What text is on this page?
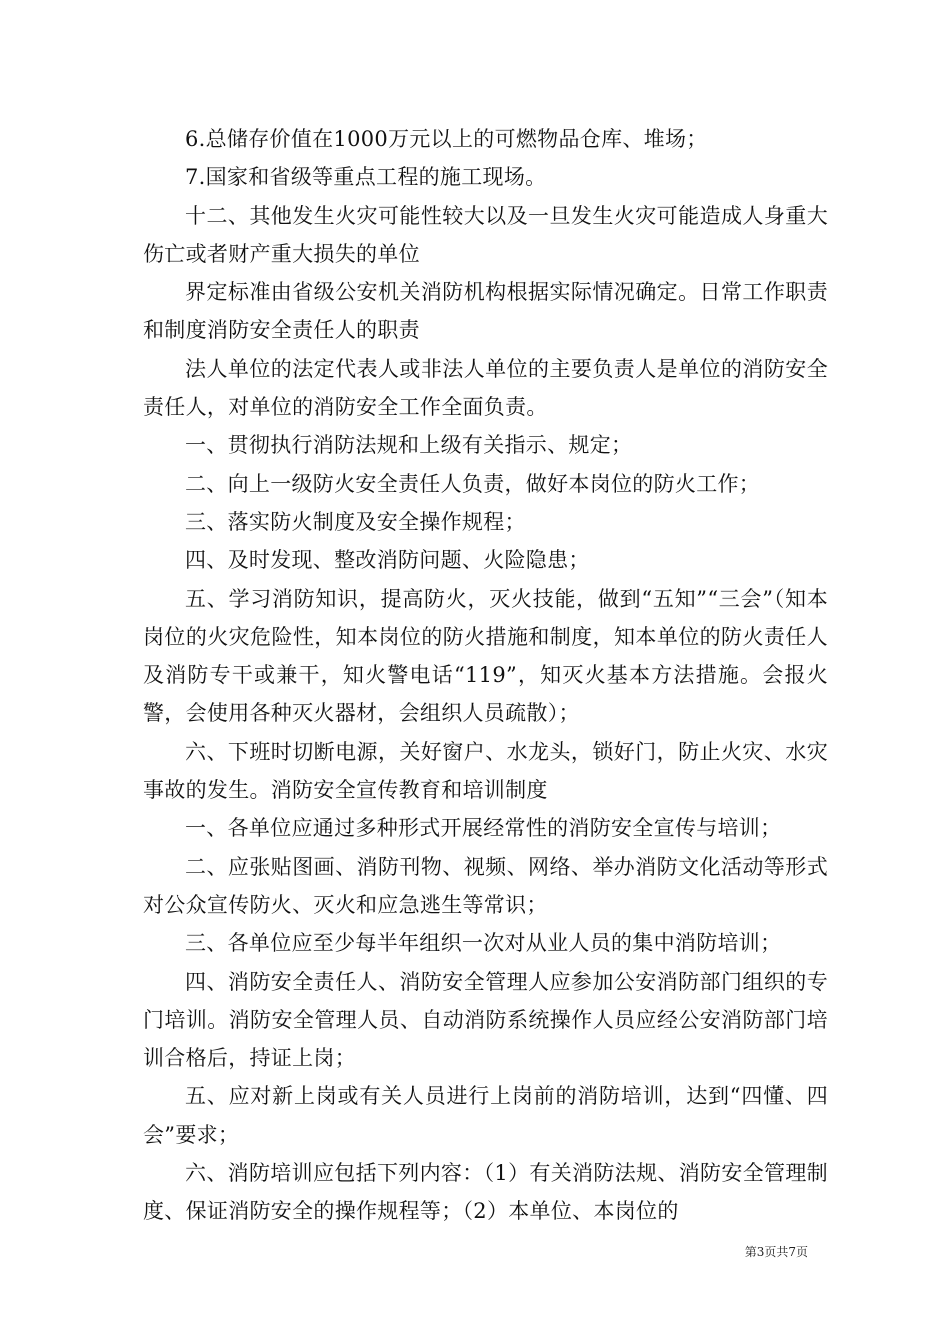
6.总储存价值在1000万元以上的可燃物品仓库、堆场；

7.国家和省级等重点工程的施工现场。

十二、其他发生火灾可能性较大以及一旦发生火灾可能造成人身重大伤亡或者财产重大损失的单位

界定标准由省级公安机关消防机构根据实际情况确定。日常工作职责和制度消防安全责任人的职责

法人单位的法定代表人或非法人单位的主要负责人是单位的消防安全责任人，对单位的消防安全工作全面负责。

一、贯彻执行消防法规和上级有关指示、规定；

二、向上一级防火安全责任人负责，做好本岗位的防火工作；

三、落实防火制度及安全操作规程；

四、及时发现、整改消防问题、火险隐患；

五、学习消防知识，提高防火，灭火技能，做到“五知”“三会”（知本岗位的火灾危险性，知本岗位的防火措施和制度，知本单位的防火责任人及消防专干或兼干，知火警电话“119”，知灭火基本方法措施。会报火警，会使用各种灭火器材，会组织人员疏散）；

六、下班时切断电源，关好窗户、水龙头，锁好门，防止火灾、水灾事故的发生。消防安全宣传教育和培训制度

一、各单位应通过多种形式开展经常性的消防安全宣传与培训；

二、应张贴图画、消防刊物、视频、网络、举办消防文化活动等形式对公众宣传防火、灭火和应急逃生等常识；

三、各单位应至少每半年组织一次对从业人员的集中消防培训；

四、消防安全责任人、消防安全管理人应参加公安消防部门组织的专门培训。消防安全管理人员、自动消防系统操作人员应经公安消防部门培训合格后，持证上岗；

五、应对新上岗或有关人员进行上岗前的消防培训，达到“四懂、四会”要求；

六、消防培训应包括下列内容：（1）有关消防法规、消防安全管理制度、保证消防安全的操作规程等；（2）本单位、本岗位的

第3页共7页
